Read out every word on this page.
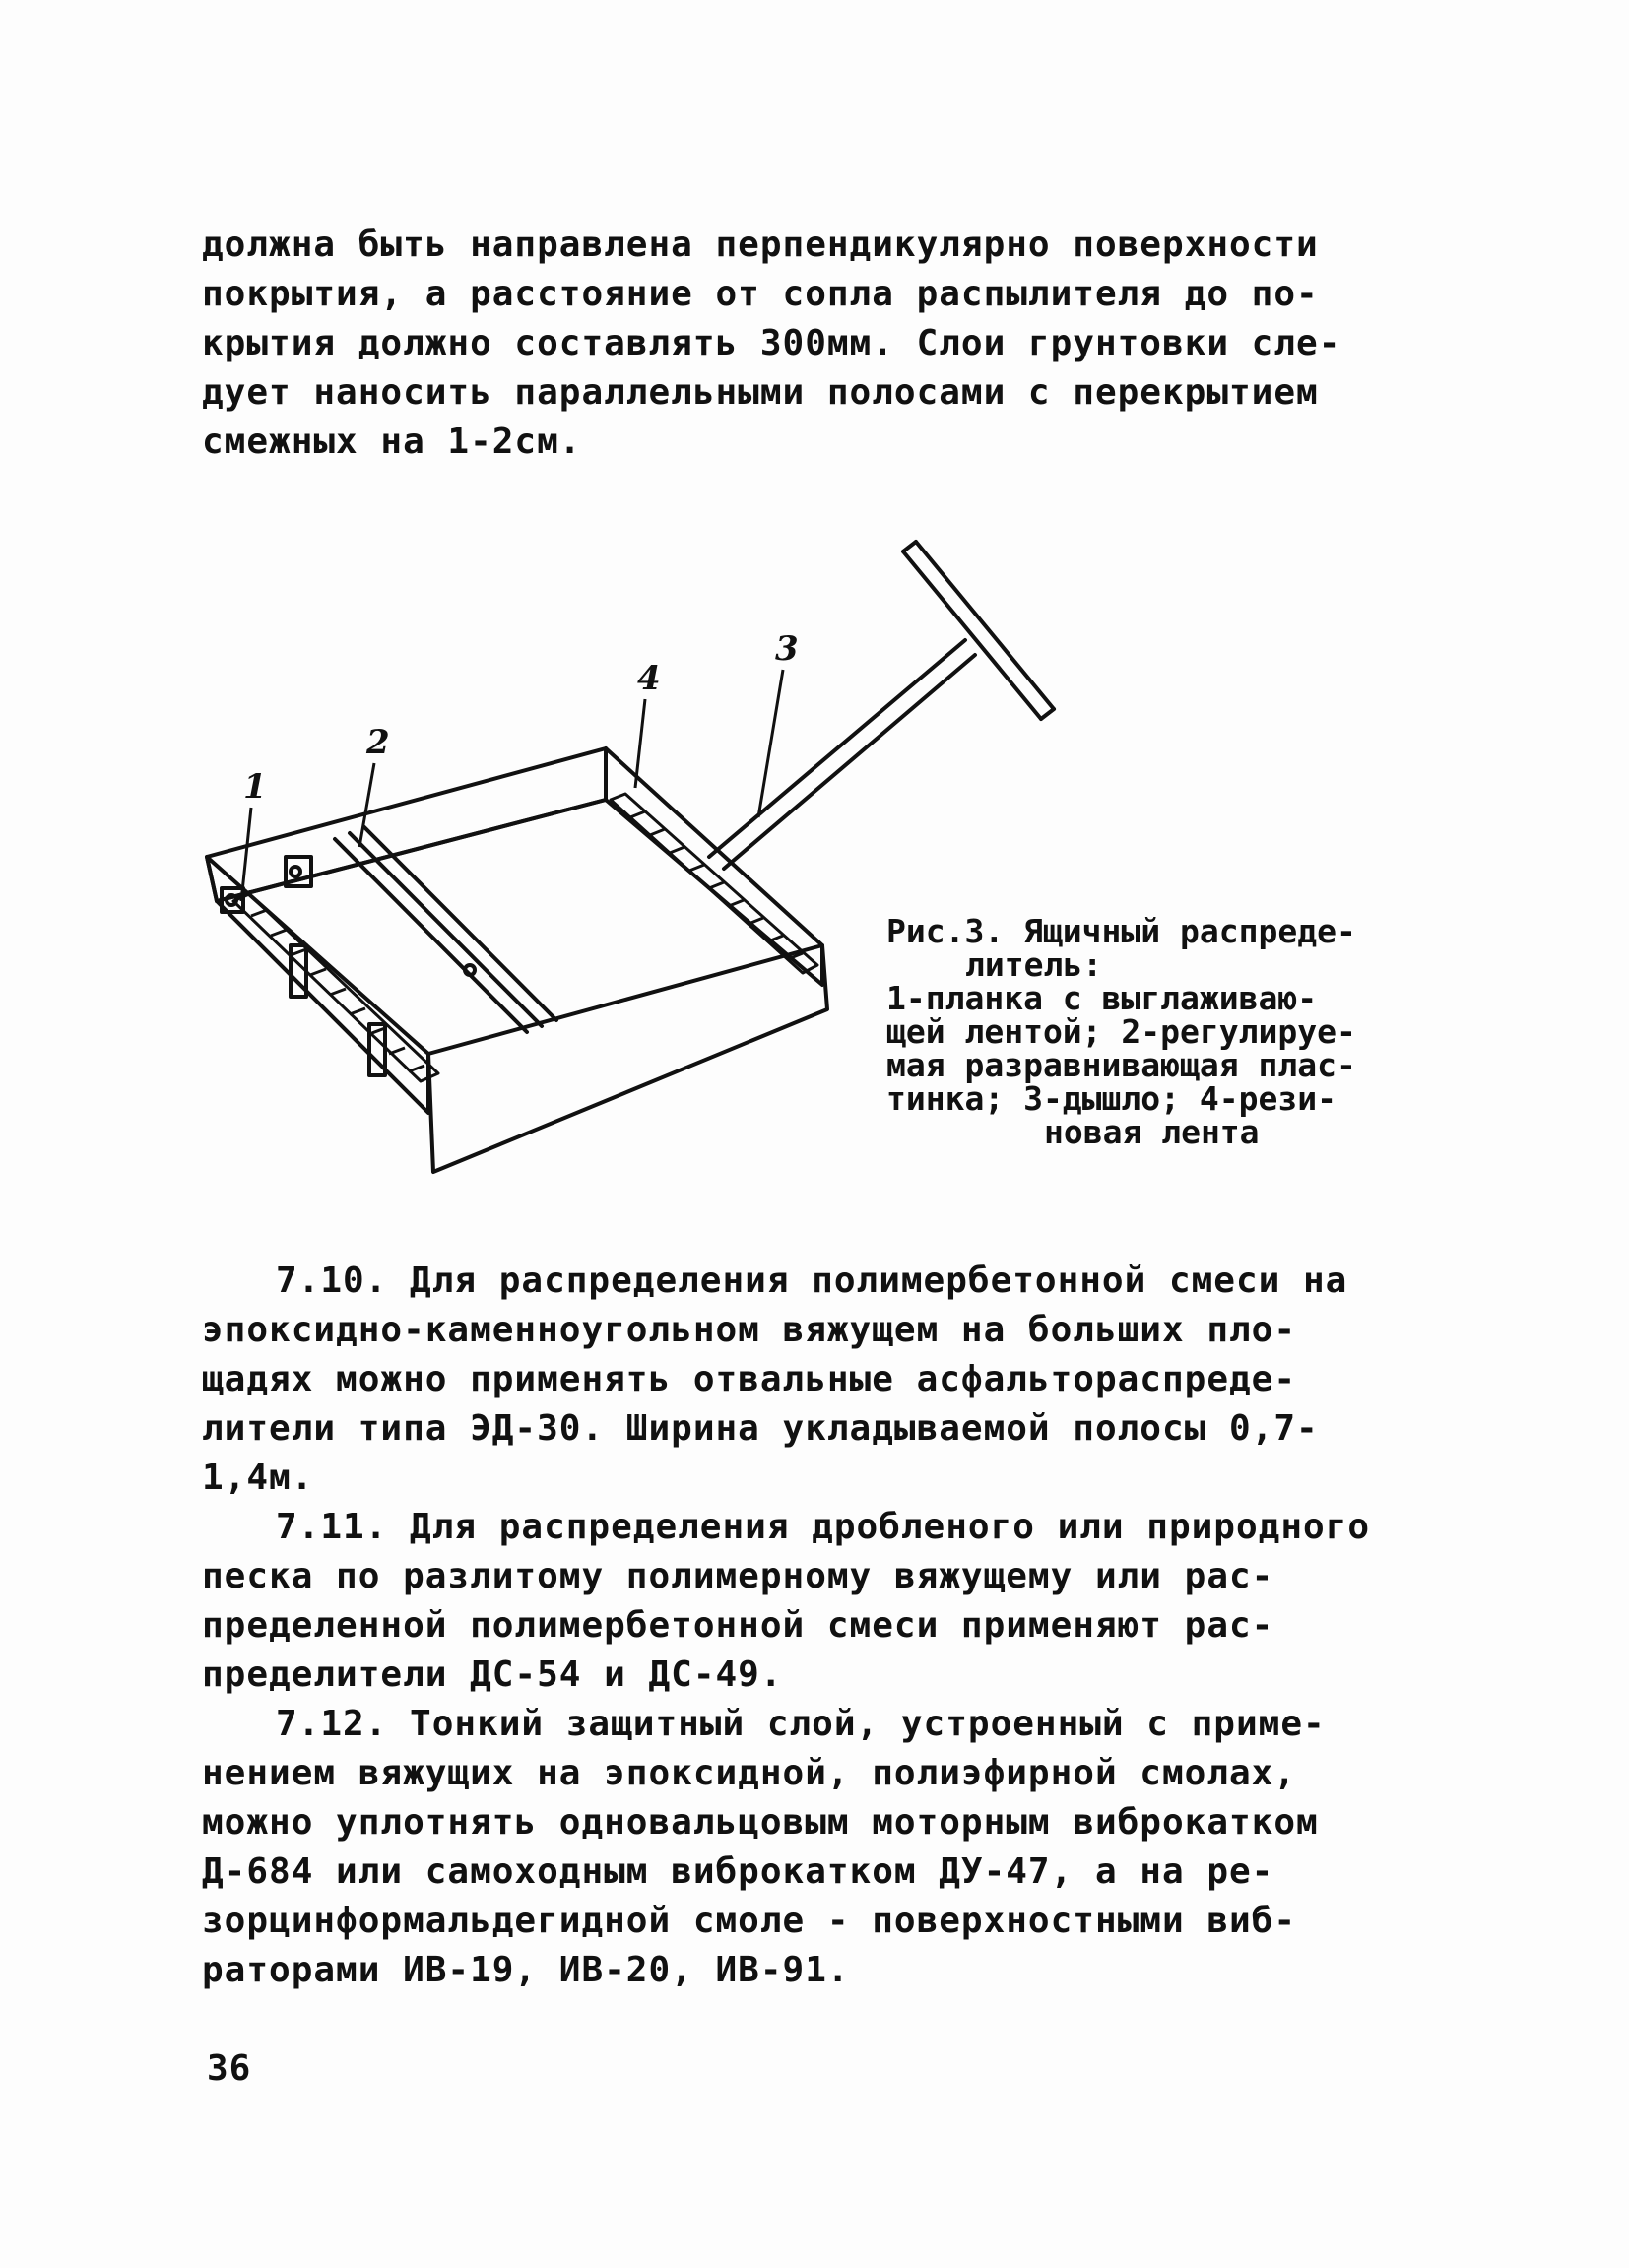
должна быть направлена перпендикулярно поверхности

покрытия, а расстояние от сопла распылителя до по-

крытия должно составлять 300мм. Слои грунтовки сле-

дует наносить параллельными полосами с перекрытием

смежных на 1-2см.

1
2
3
4

Рис.3. Ящичный распреде-

литель:

1-планка с выглаживаю-

щей лентой; 2-регулируе-

мая разравнивающая плас-

тинка; 3-дышло; 4-рези-

новая лента

7.10. Для распределения полимербетонной смеси на

эпоксидно-каменноугольном вяжущем на больших пло-

щадях можно применять отвальные асфальтораспреде-

лители типа ЭД-30. Ширина укладываемой полосы 0,7-

1,4м.

7.11. Для распределения дробленого или природного

песка по разлитому полимерному вяжущему или рас-

пределенной полимербетонной смеси применяют рас-

пределители ДС-54 и ДС-49.

7.12. Тонкий защитный слой, устроенный с приме-

нением вяжущих на эпоксидной, полиэфирной смолах,

можно уплотнять одновальцовым моторным виброкатком

Д-684 или самоходным виброкатком ДУ-47, а на ре-

зорцинформальдегидной смоле - поверхностными виб-

раторами ИВ-19, ИВ-20, ИВ-91.

36
